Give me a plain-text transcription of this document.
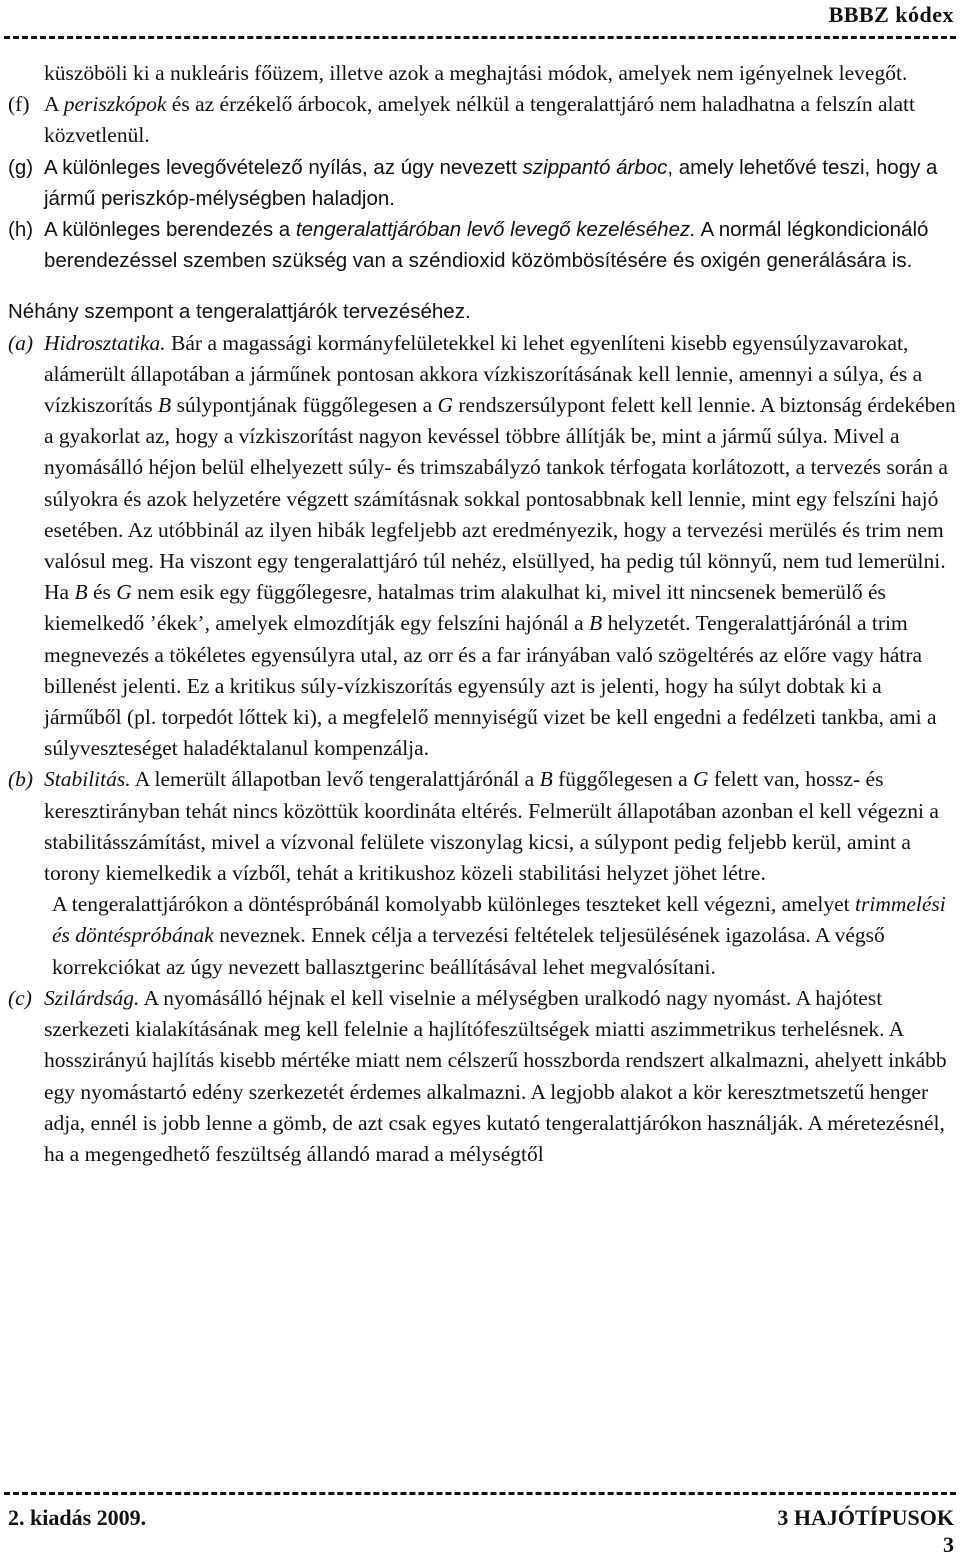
BBBZ kódex

küszöböli ki a nukleáris főüzem, illetve azok a meghajtási módok, amelyek nem igényelnek levegőt.

(f) A periszkópok és az érzékelő árbocok, amelyek nélkül a tengeralattjáró nem haladhatna a felszín alatt közvetlenül.

(g) A különleges levegővételező nyílás, az úgy nevezett szippantó árboc, amely lehetővé teszi, hogy a jármű periszkóp-mélységben haladjon.

(h) A különleges berendezés a tengeralattjáróban levő levegő kezeléséhez. A normál légkondicionáló berendezéssel szemben szükség van a széndioxid közömbösítésére és oxigén generálására is.

Néhány szempont a tengeralattjárók tervezéséhez.

(a) Hidrosztatika. Bár a magassági kormányfelületekkel ki lehet egyenlíteni kisebb egyensúlyzavarokat, alámerült állapotában a járműnek pontosan akkora vízkiszorításának kell lennie, amennyi a súlya, és a vízkiszorítás B súlypontjának függőlegesen a G rendszersúlypont felett kell lennie. A biztonság érdekében a gyakorlat az, hogy a vízkiszorítást nagyon kevéssel többre állítják be, mint a jármű súlya. Mivel a nyomásálló héjon belül elhelyezett súly- és trimszabályzó tankok térfogata korlátozott, a tervezés során a súlyokra és azok helyzetére végzett számításnak sokkal pontosabbnak kell lennie, mint egy felszíni hajó esetében. Az utóbbinál az ilyen hibák legfeljebb azt eredményezik, hogy a tervezési merülés és trim nem valósul meg. Ha viszont egy tengeralattjáró túl nehéz, elsüllyed, ha pedig túl könnyű, nem tud lemerülni. Ha B és G nem esik egy függőlegesre, hatalmas trim alakulhat ki, mivel itt nincsenek bemerülő és kiemelkedő ’ékek’, amelyek elmozdítják egy felszíni hajónál a B helyzetét. Tengeralattjárónál a trim megnevezés a tökéletes egyensúlyra utal, az orr és a far irányában való szögeltérés az előre vagy hátra billenést jelenti. Ez a kritikus súly-vízkiszorítás egyensúly azt is jelenti, hogy ha súlyt dobtak ki a járműből (pl. torpedót lőttek ki), a megfelelő mennyiségű vizet be kell engedni a fedélzeti tankba, ami a súlyveszteséget haladéktalanul kompenzálja.

(b) Stabilitás. A lemerült állapotban levő tengeralattjárónál a B függőlegesen a G felett van, hossz- és keresztirányban tehát nincs közöttük koordináta eltérés. Felmerült állapotában azonban el kell végezni a stabilitásszámítást, mivel a vízvonal felülete viszonylag kicsi, a súlypont pedig feljebb kerül, amint a torony kiemelkedik a vízből, tehát a kritikushoz közeli stabilitási helyzet jöhet létre.

A tengeralattjárókon a döntéspróbánál komolyabb különleges teszteket kell végezni, amelyet trimmelési és döntéspróbának neveznek. Ennek célja a tervezési feltételek teljesülésének igazolása. A végső korrekciókat az úgy nevezett ballasztgerinc beállításával lehet megvalósítani.

(c) Szilárdság. A nyomásálló héjnak el kell viselnie a mélységben uralkodó nagy nyomást. A hajótest szerkezeti kialakításának meg kell felelnie a hajlítófeszültségek miatti aszimmetrikus terhelésnek. A hosszirányú hajlítás kisebb mértéke miatt nem célszerű hosszborda rendszert alkalmazni, ahelyett inkább egy nyomástartó edény szerkezetét érdemes alkalmazni. A legjobb alakot a kör keresztmetszetű henger adja, ennél is jobb lenne a gömb, de azt csak egyes kutató tengeralattjárókon használják. A méretezésnél, ha a megengedhető feszültség állandó marad a mélységtől

2. kiadás 2009.	3 HAJÓTÍPUSOK
3
